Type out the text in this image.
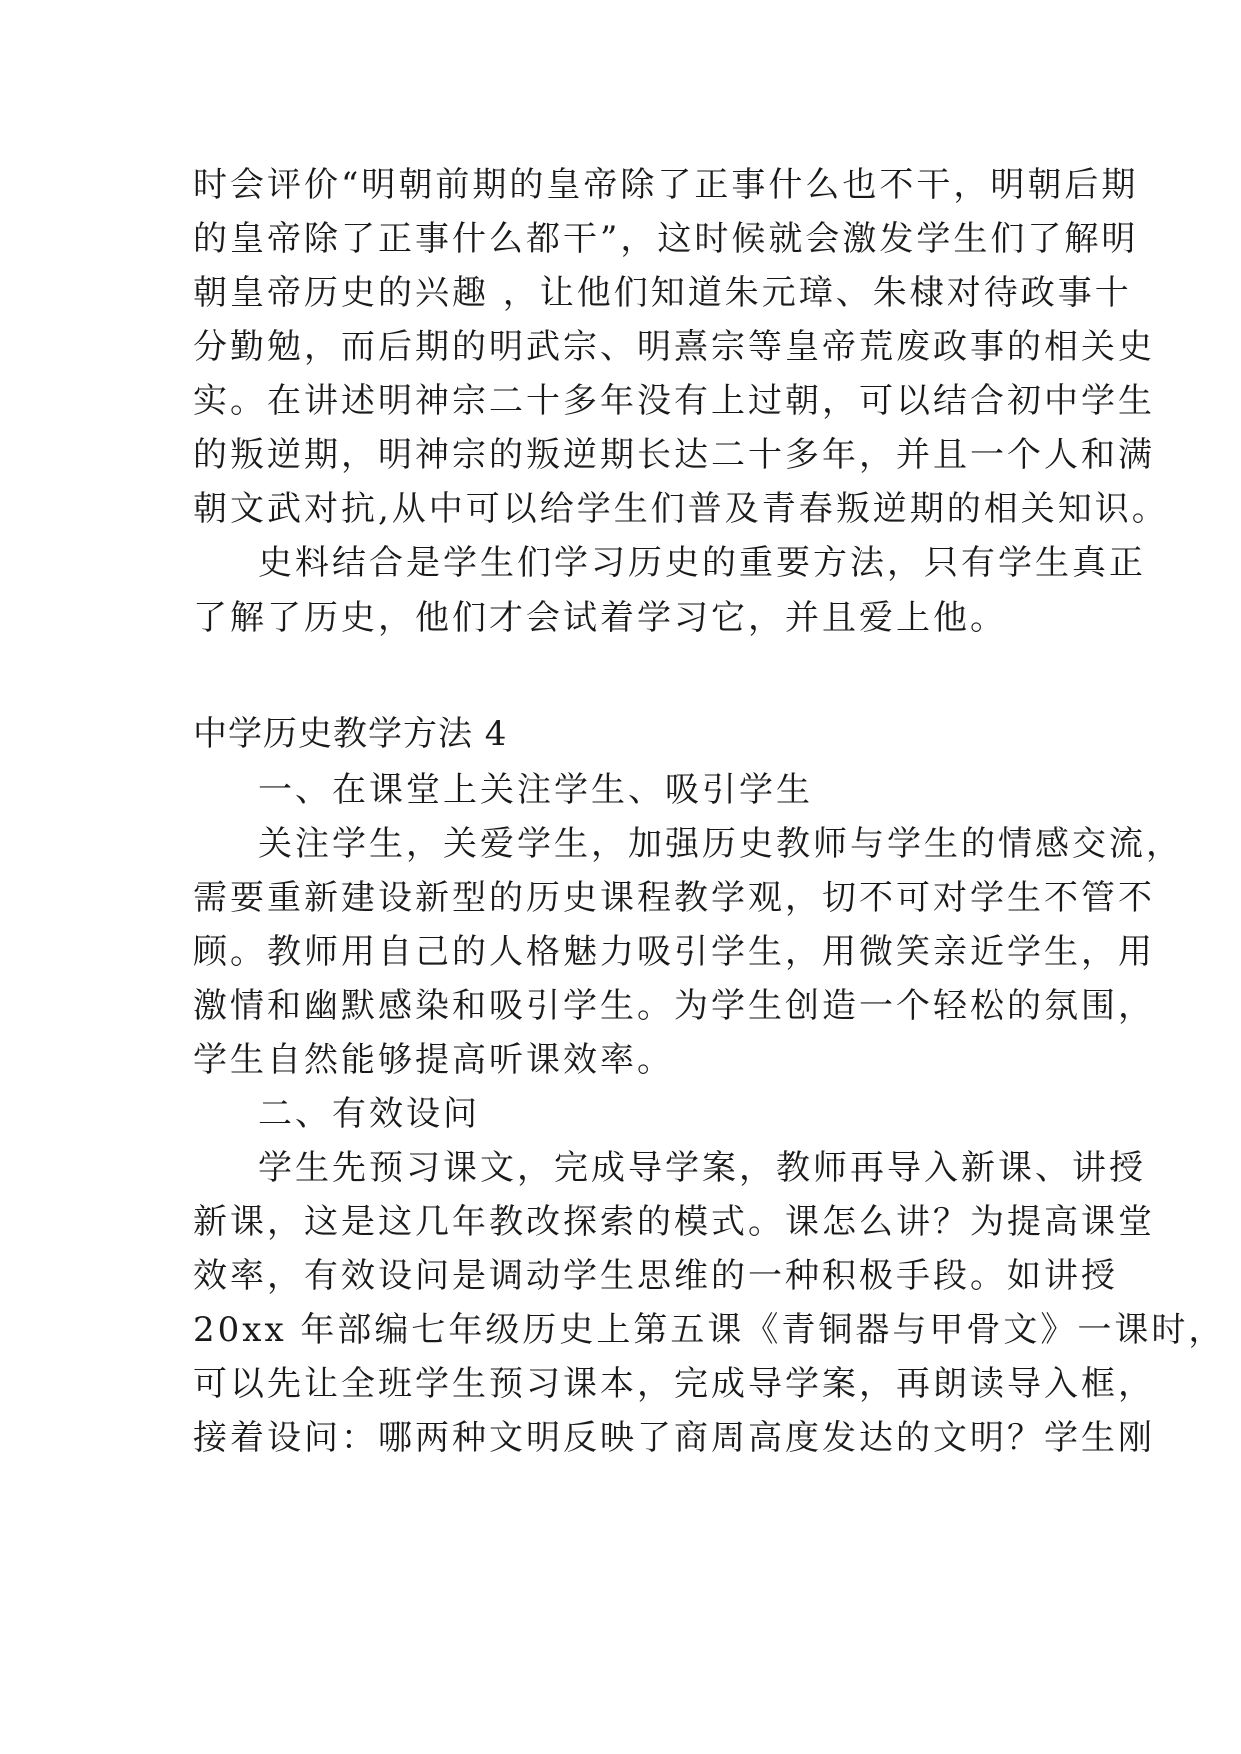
时会评价“明朝前期的皇帝除了正事什么也不干，明朝后期
的皇帝除了正事什么都干”，这时候就会激发学生们了解明
朝皇帝历史的兴趣 ，让他们知道朱元璋、朱棣对待政事十
分勤勉，而后期的明武宗、明熹宗等皇帝荒废政事的相关史
实。在讲述明神宗二十多年没有上过朝，可以结合初中学生
的叛逆期，明神宗的叛逆期长达二十多年，并且一个人和满
朝文武对抗,从中可以给学生们普及青春叛逆期的相关知识。
史料结合是学生们学习历史的重要方法，只有学生真正
了解了历史，他们才会试着学习它，并且爱上他。
中学历史教学方法 4
一、在课堂上关注学生、吸引学生
关注学生，关爱学生，加强历史教师与学生的情感交流，
需要重新建设新型的历史课程教学观，切不可对学生不管不
顾。教师用自己的人格魅力吸引学生，用微笑亲近学生，用
激情和幽默感染和吸引学生。为学生创造一个轻松的氛围，
学生自然能够提高听课效率。
二、有效设问
学生先预习课文，完成导学案，教师再导入新课、讲授
新课，这是这几年教改探索的模式。课怎么讲？为提高课堂
效率，有效设问是调动学生思维的一种积极手段。如讲授
20xx 年部编七年级历史上第五课《青铜器与甲骨文》一课时，
可以先让全班学生预习课本，完成导学案，再朗读导入框，
接着设问：哪两种文明反映了商周高度发达的文明？学生刚
